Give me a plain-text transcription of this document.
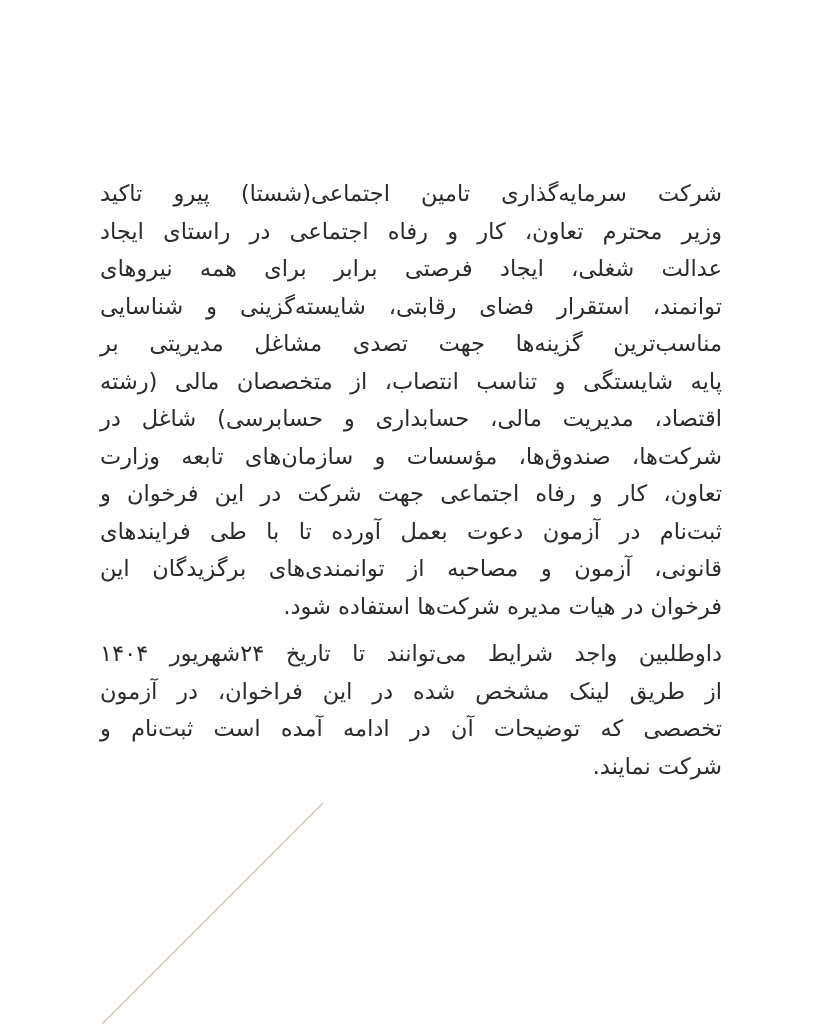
شرکت سرمایه‌گذاری تامین اجتماعی(شستا) پیرو تاکید
وزیر محترم تعاون، کار و رفاه اجتماعی در راستای ایجاد
عدالت شغلی، ایجاد فرصتی برابر برای همه نیروهای
توانمند، استقرار فضای رقابتی، شایسته‌گزینی و شناسایی
مناسب‌ترین گزینه‌ها جهت تصدی مشاغل مدیریتی بر
پایه شایستگی و تناسب انتصاب، از متخصصان مالی (رشته
اقتصاد، مدیریت مالی، حسابداری و حسابرسی) شاغل در
شرکت‌ها، صندوق‌ها، مؤسسات و سازمان‌های تابعه وزارت
تعاون، کار و رفاه اجتماعی جهت شرکت در این فرخوان و
ثبت‌نام در آزمون دعوت بعمل آورده تا با طی فرایندهای
قانونی، آزمون و مصاحبه از توانمندی‌های برگزیدگان این
فرخوان در هیات مدیره شرکت‌ها استفاده شود.

داوطلبین واجد شرایط می‌توانند تا تاریخ ۲۴شهریور ۱۴۰۴
از طریق لینک مشخص شده در این فراخوان، در آزمون
تخصصی که توضیحات آن در ادامه آمده است ثبت‌نام و
شرکت نمایند.
